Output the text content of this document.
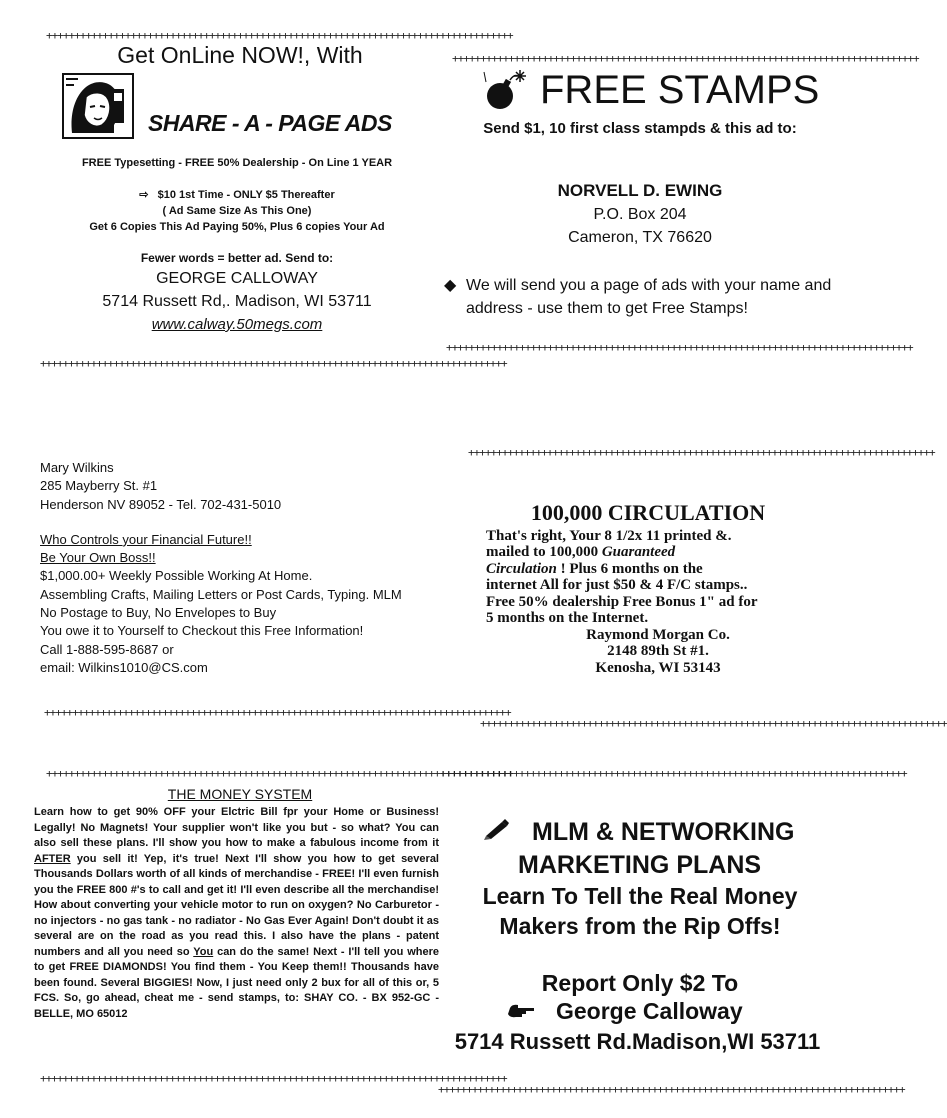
+++++++++++++++++++++++++++++++++++++++++++++++++++++++++++++++++++++++++++++++++++
+++++++++++++++++++++++++++++++++++++++++++++++++++++++++++++++++++++++++++++++++++
+++++++++++++++++++++++++++++++++++++++++++++++++++++++++++++++++++++++++++++++++++
+++++++++++++++++++++++++++++++++++++++++++++++++++++++++++++++++++++++++++++++++++
+++++++++++++++++++++++++++++++++++++++++++++++++++++++++++++++++++++++++++++++++++
+++++++++++++++++++++++++++++++++++++++++++++++++++++++++++++++++++++++++++++++++++
+++++++++++++++++++++++++++++++++++++++++++++++++++++++++++++++++++++++++++++++++++
+++++++++++++++++++++++++++++++++++++++++++++++++++++++++++++++++++++++++++++++++++
+++++++++++++++++++++++++++++++++++++++++++++++++++++++++++++++++++++++++++++++++++
+++++++++++++++++++++++++++++++++++++++++++++++++++++++++++++++++++++++++++++++++++
+++++++++++++++++++++++++++++++++++++++++++++++++++++++++++++++++++++++++++++++++++
Get OnLine NOW!, With
SHARE - A - PAGE ADS
FREE Typesetting - FREE 50% Dealership - On Line 1 YEAR
⇨ $10 1st Time - ONLY $5 Thereafter
( Ad Same Size As This One)
Get 6 Copies This Ad Paying 50%, Plus 6 copies Your Ad
Fewer words = better ad. Send to:
GEORGE CALLOWAY
5714 Russett Rd,. Madison, WI 53711
www.calway.50megs.com
FREE STAMPS
Send $1, 10 first class stampds & this ad to:
NORVELL D. EWING
P.O. Box 204
Cameron, TX 76620
◆ We will send you a page of ads with your name and address - use them to get Free Stamps!
Mary Wilkins
285 Mayberry St. #1
Henderson NV 89052 - Tel. 702-431-5010
Who Controls your Financial Future!!
Be Your Own Boss!!
$1,000.00+ Weekly Possible Working At Home.
Assembling Crafts, Mailing Letters or Post Cards, Typing. MLM
No Postage to Buy, No Envelopes to Buy
You owe it to Yourself to Checkout this Free Information!
Call 1-888-595-8687 or
email: Wilkins1010@CS.com
100,000 CIRCULATION
That's right, Your 8 1/2x 11 printed &.
mailed to 100,000 Guaranteed
Circulation ! Plus 6 months on the
internet All for just $50 & 4 F/C stamps..
Free 50% dealership Free Bonus 1" ad for
5 months on the Internet.
Raymond Morgan Co.
2148 89th St #1.
Kenosha, WI 53143
THE MONEY SYSTEM
Learn how to get 90% OFF your Elctric Bill fpr your Home or Business! Legally! No Magnets! Your supplier won't like you but - so what? You can also sell these plans. I'll show you how to make a fabulous income from it AFTER you sell it! Yep, it's true! Next I'll show you how to get several Thousands Dollars worth of all kinds of merchandise - FREE! I'll even furnish you the FREE 800 #'s to call and get it! I'll even describe all the merchandise! How about converting your vehicle motor to run on oxygen? No Carburetor - no injectors - no gas tank - no radiator - No Gas Ever Again! Don't doubt it as several are on the road as you read this. I also have the plans - patent numbers and all you need so You can do the same! Next - I'll tell you where to get FREE DIAMONDS! You find them - You Keep them!! Thousands have been found. Several BIGGIES! Now, I just need only 2 bux for all of this or, 5 FCS. So, go ahead, cheat me - send stamps, to: SHAY CO. - BX 952-GC - BELLE, MO 65012
MLM & NETWORKING
MARKETING PLANS
Learn To Tell the Real Money
Makers from the Rip Offs!
Report Only $2 To
George Calloway
5714 Russett Rd.Madison,WI 53711
